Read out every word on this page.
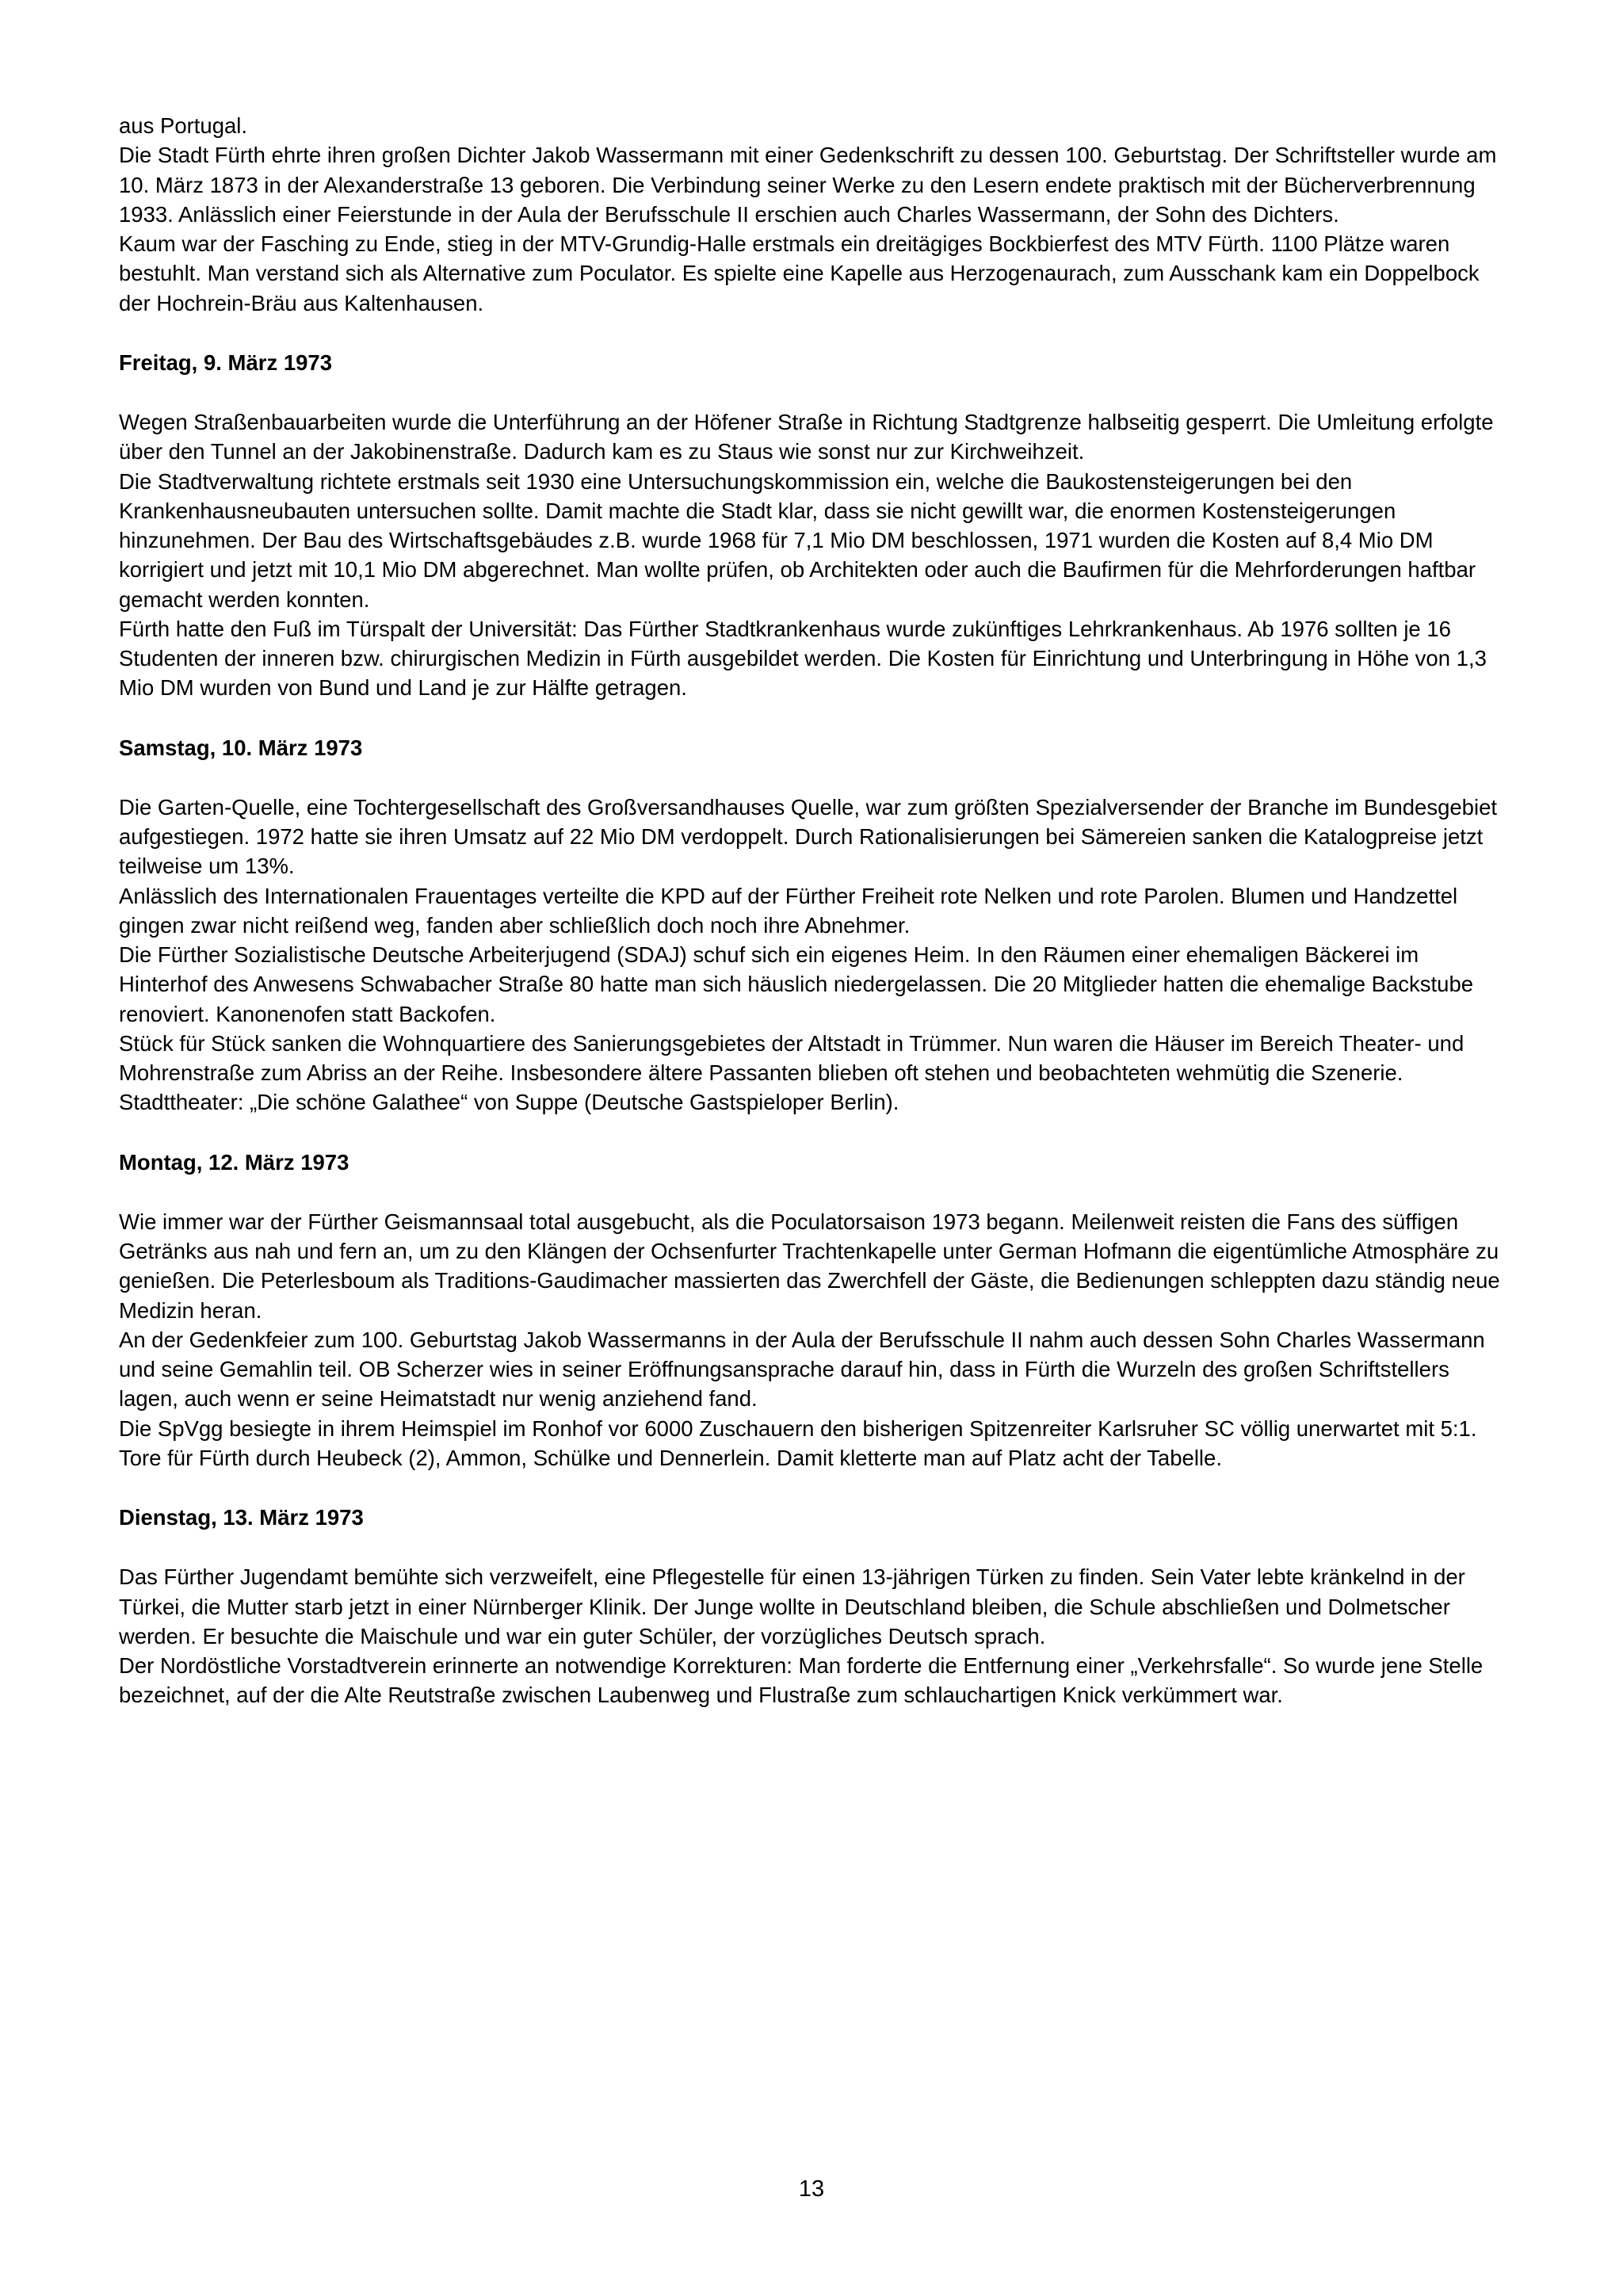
aus Portugal.

Die Stadt Fürth ehrte ihren großen Dichter Jakob Wassermann mit einer Gedenkschrift zu dessen 100. Geburtstag. Der Schriftsteller wurde am 10. März 1873 in der Alexanderstraße 13 geboren. Die Verbindung seiner Werke zu den Lesern endete praktisch mit der Bücherverbrennung 1933. Anlässlich einer Feierstunde in der Aula der Berufsschule II erschien auch Charles Wassermann, der Sohn des Dichters.

Kaum war der Fasching zu Ende, stieg in der MTV-Grundig-Halle erstmals ein dreitägiges Bockbierfest des MTV Fürth. 1100 Plätze waren bestuhlt. Man verstand sich als Alternative zum Poculator. Es spielte eine Kapelle aus Herzogenaurach, zum Ausschank kam ein Doppelbock der Hochrein-Bräu aus Kaltenhausen.

Freitag, 9. März 1973

Wegen Straßenbauarbeiten wurde die Unterführung an der Höfener Straße in Richtung Stadtgrenze halbseitig gesperrt. Die Umleitung erfolgte über den Tunnel an der Jakobinenstraße. Dadurch kam es zu Staus wie sonst nur zur Kirchweihzeit.

Die Stadtverwaltung richtete erstmals seit 1930 eine Untersuchungskommission ein, welche die Baukostensteigerungen bei den Krankenhausneubauten untersuchen sollte. Damit machte die Stadt klar, dass sie nicht gewillt war, die enormen Kostensteigerungen hinzunehmen. Der Bau des Wirtschaftsgebäudes z.B. wurde 1968 für 7,1 Mio DM beschlossen, 1971 wurden die Kosten auf 8,4 Mio DM korrigiert und jetzt mit 10,1 Mio DM abgerechnet. Man wollte prüfen, ob Architekten oder auch die Baufirmen für die Mehrforderungen haftbar gemacht werden konnten.

Fürth hatte den Fuß im Türspalt der Universität: Das Fürther Stadtkrankenhaus wurde zukünftiges Lehrkrankenhaus. Ab 1976 sollten je 16 Studenten der inneren bzw. chirurgischen Medizin in Fürth ausgebildet werden. Die Kosten für Einrichtung und Unterbringung in Höhe von 1,3 Mio DM wurden von Bund und Land je zur Hälfte getragen.

Samstag, 10. März 1973

Die Garten-Quelle, eine Tochtergesellschaft des Großversandhauses Quelle, war zum größten Spezialversender der Branche im Bundesgebiet aufgestiegen. 1972 hatte sie ihren Umsatz auf 22 Mio DM verdoppelt. Durch Rationalisierungen bei Sämereien sanken die Katalogpreise jetzt teilweise um 13%.

Anlässlich des Internationalen Frauentages verteilte die KPD auf der Fürther Freiheit rote Nelken und rote Parolen. Blumen und Handzettel gingen zwar nicht reißend weg, fanden aber schließlich doch noch ihre Abnehmer.

Die Fürther Sozialistische Deutsche Arbeiterjugend (SDAJ) schuf sich ein eigenes Heim. In den Räumen einer ehemaligen Bäckerei im Hinterhof des Anwesens Schwabacher Straße 80 hatte man sich häuslich niedergelassen. Die 20 Mitglieder hatten die ehemalige Backstube renoviert. Kanonenofen statt Backofen.

Stück für Stück sanken die Wohnquartiere des Sanierungsgebietes der Altstadt in Trümmer. Nun waren die Häuser im Bereich Theater- und Mohrenstraße zum Abriss an der Reihe. Insbesondere ältere Passanten blieben oft stehen und beobachteten wehmütig die Szenerie.

Stadttheater: „Die schöne Galathee“ von Suppe (Deutsche Gastspieloper Berlin).

Montag, 12. März 1973

Wie immer war der Fürther Geismannsaal total ausgebucht, als die Poculatorsaison 1973 begann. Meilenweit reisten die Fans des süffigen Getränks aus nah und fern an, um zu den Klängen der Ochsenfurter Trachtenkapelle unter German Hofmann die eigentümliche Atmosphäre zu genießen. Die Peterlesboum als Traditions-Gaudimacher massierten das Zwerchfell der Gäste, die Bedienungen schleppten dazu ständig neue Medizin heran.

An der Gedenkfeier zum 100. Geburtstag Jakob Wassermanns in der Aula der Berufsschule II nahm auch dessen Sohn Charles Wassermann und seine Gemahlin teil. OB Scherzer wies in seiner Eröffnungsansprache darauf hin, dass in Fürth die Wurzeln des großen Schriftstellers lagen, auch wenn er seine Heimatstadt nur wenig anziehend fand.

Die SpVgg besiegte in ihrem Heimspiel im Ronhof vor 6000 Zuschauern den bisherigen Spitzenreiter Karlsruher SC völlig unerwartet mit 5:1. Tore für Fürth durch Heubeck (2), Ammon, Schülke und Dennerlein. Damit kletterte man auf Platz acht der Tabelle.

Dienstag, 13. März 1973

Das Fürther Jugendamt bemühte sich verzweifelt, eine Pflegestelle für einen 13-jährigen Türken zu finden. Sein Vater lebte kränkelnd in der Türkei, die Mutter starb jetzt in einer Nürnberger Klinik. Der Junge wollte in Deutschland bleiben, die Schule abschließen und Dolmetscher werden. Er besuchte die Maischule und war ein guter Schüler, der vorzügliches Deutsch sprach.

Der Nordöstliche Vorstadtverein erinnerte an notwendige Korrekturen: Man forderte die Entfernung einer „Verkehrsfalle“. So wurde jene Stelle bezeichnet, auf der die Alte Reutstraße zwischen Laubenweg und Flustraße zum schlauchartigen Knick verkümmert war.

13
